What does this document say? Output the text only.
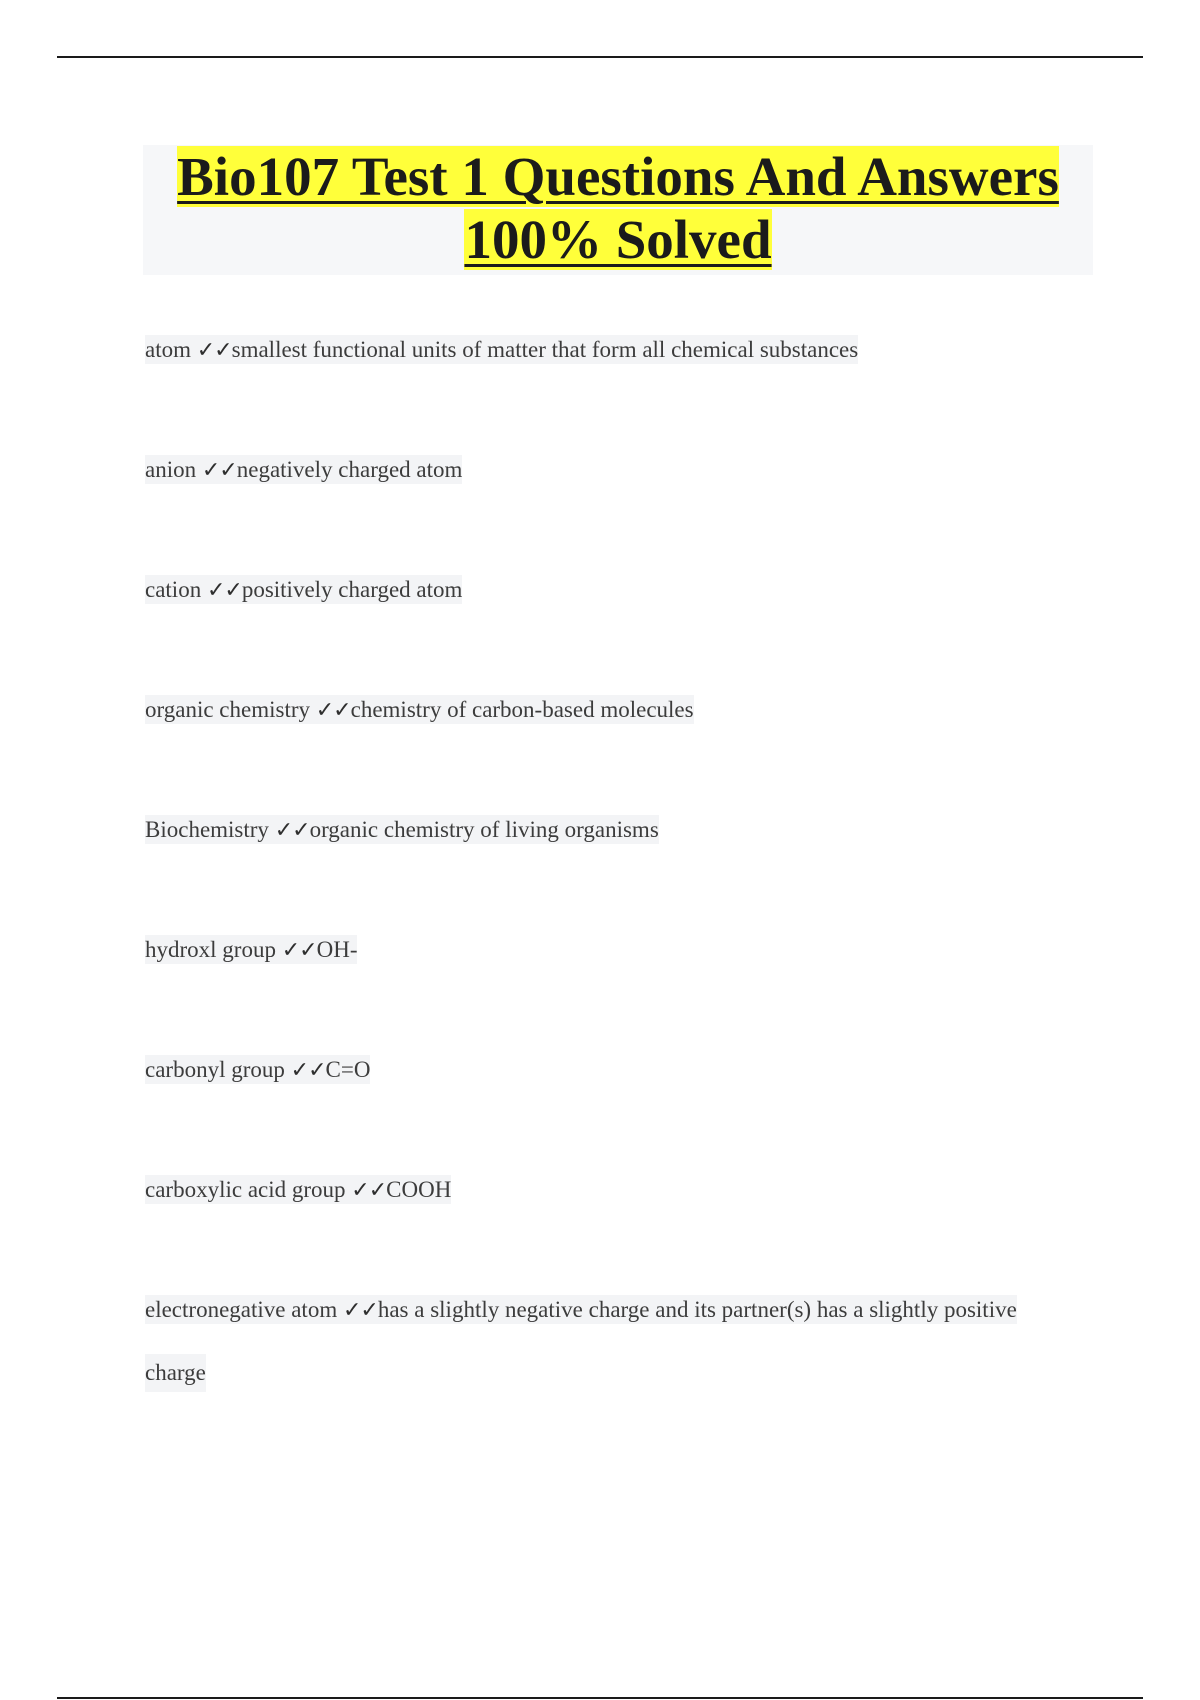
Bio107 Test 1 Questions And Answers
100% Solved
atom ✓✓smallest functional units of matter that form all chemical substances
anion ✓✓negatively charged atom
cation ✓✓positively charged atom
organic chemistry ✓✓chemistry of carbon-based molecules
Biochemistry ✓✓organic chemistry of living organisms
hydroxl group ✓✓OH-
carbonyl group ✓✓C=O
carboxylic acid group ✓✓COOH
electronegative atom ✓✓has a slightly negative charge and its partner(s) has a slightly positive
charge
